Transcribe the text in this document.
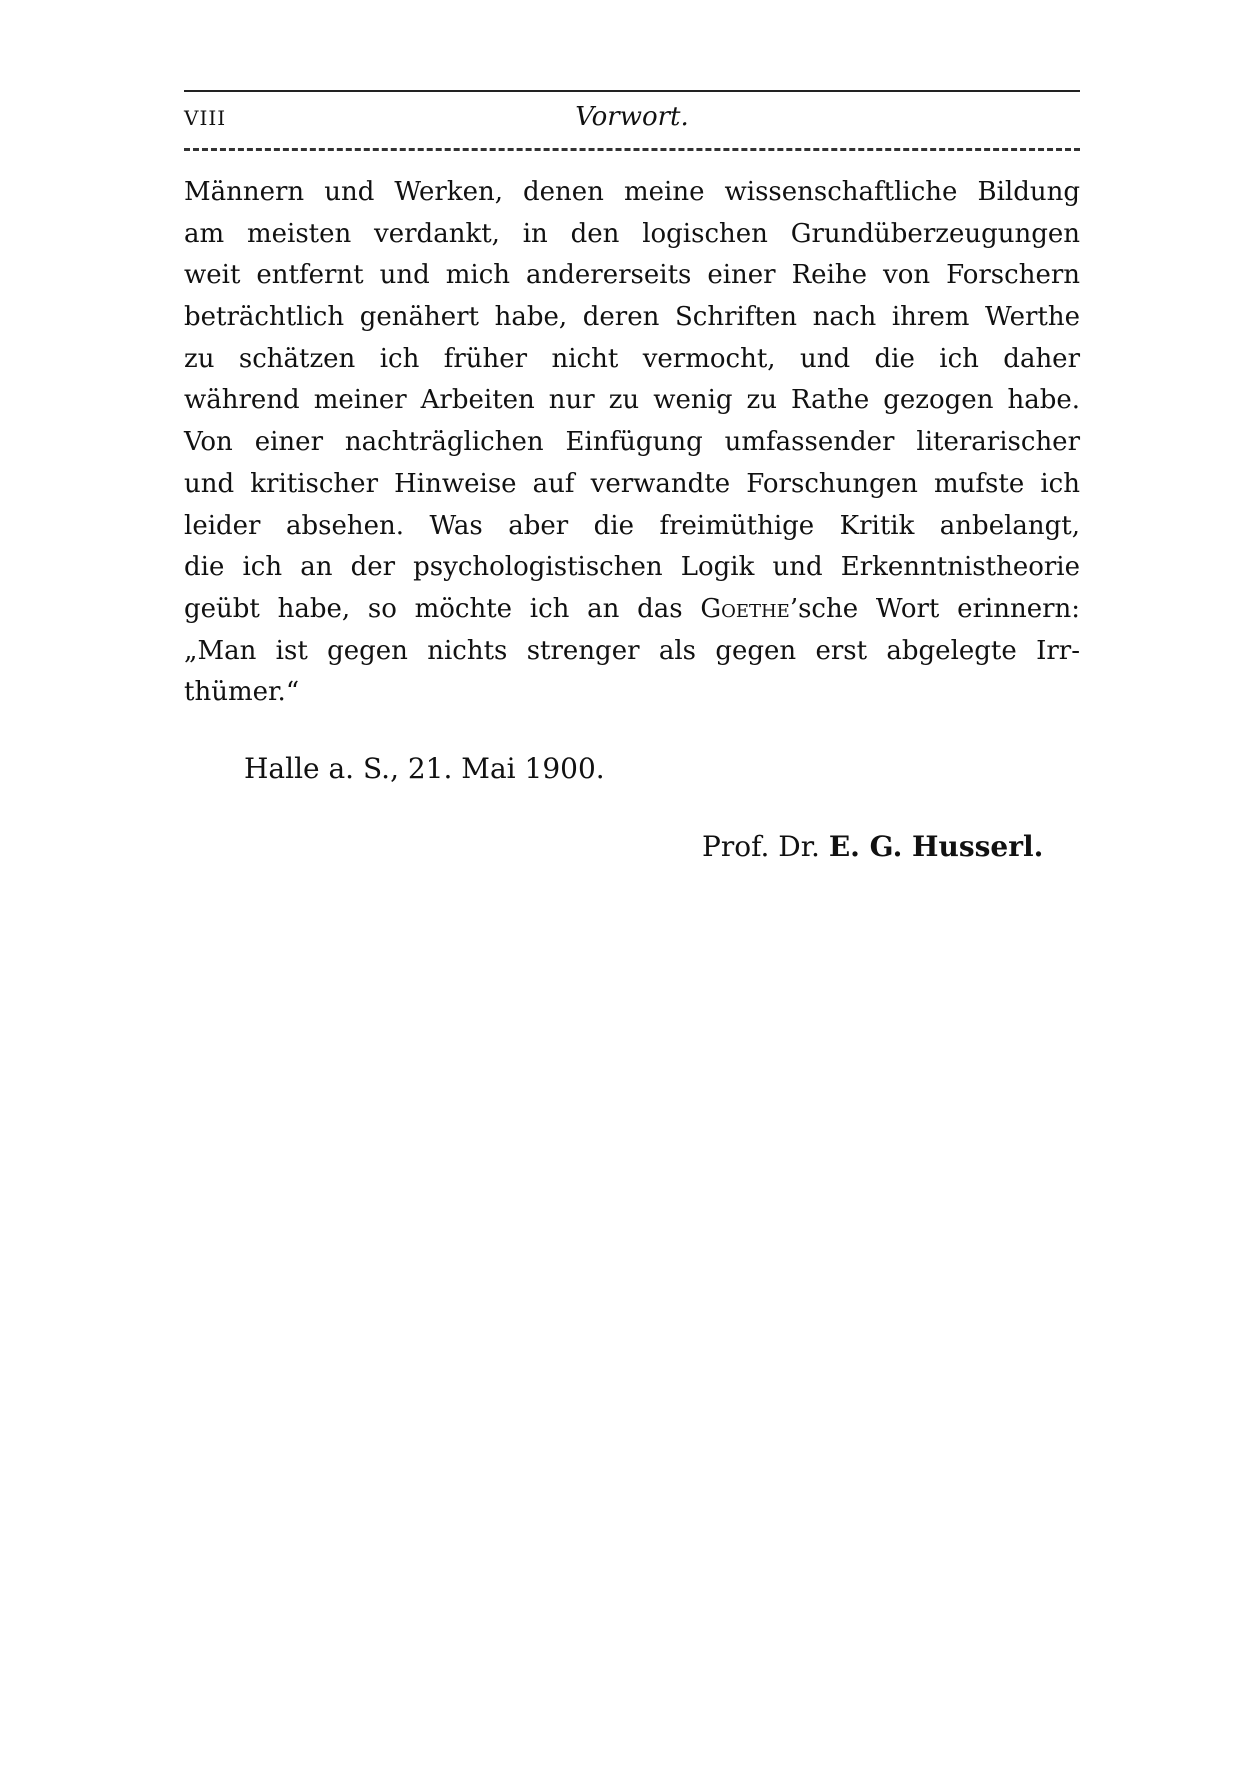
VIII	Vorwort.
Männern und Werken, denen meine wissenschaftliche Bildung
am meisten verdankt, in den logischen Grundüberzeugungen
weit entfernt und mich andererseits einer Reihe von Forschern
beträchtlich genähert habe, deren Schriften nach ihrem Werthe
zu schätzen ich früher nicht vermocht, und die ich daher
während meiner Arbeiten nur zu wenig zu Rathe gezogen habe.
Von einer nachträglichen Einfügung umfassender literarischer
und kritischer Hinweise auf verwandte Forschungen mufste ich
leider absehen. Was aber die freimüthige Kritik anbelangt,
die ich an der psychologistischen Logik und Erkenntnistheorie
geübt habe, so möchte ich an das Goethe’sche Wort erinnern:
„Man ist gegen nichts strenger als gegen erst abgelegte Irr-
thümer.“
Halle a. S., 21. Mai 1900.
Prof. Dr. E. G. Husserl.
